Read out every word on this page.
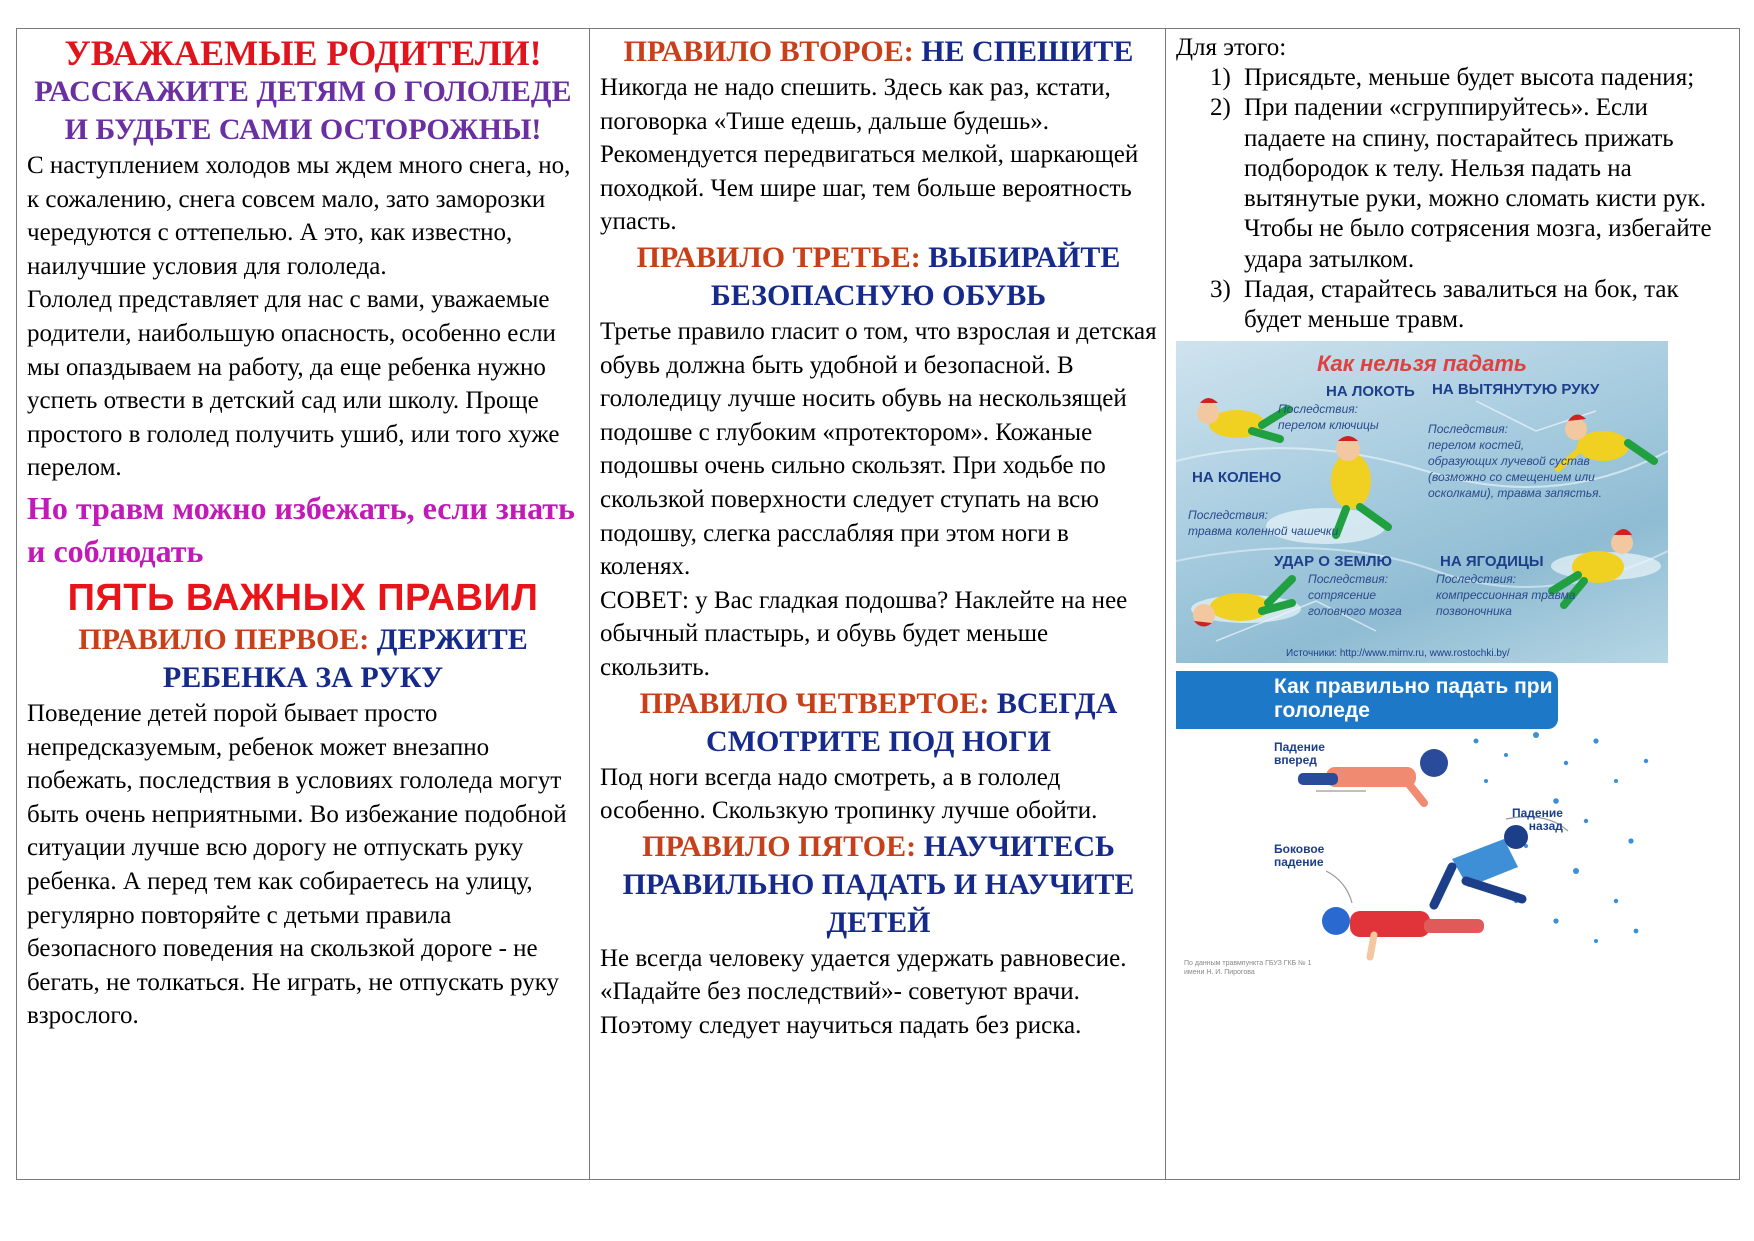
УВАЖАЕМЫЕ РОДИТЕЛИ!

РАССКАЖИТЕ ДЕТЯМ О ГОЛОЛЕДЕ И БУДЬТЕ САМИ ОСТОРОЖНЫ!

С наступлением холодов мы ждем много снега, но, к сожалению, снега совсем мало, зато заморозки чередуются с оттепелью. А это, как известно, наилучшие условия для гололеда.

Гололед представляет для нас с вами, уважаемые родители, наибольшую опасность, особенно если мы опаздываем на работу, да еще ребенка нужно успеть отвести в детский сад или школу. Проще простого в гололед получить ушиб, или того хуже перелом.

Но травм можно избежать, если знать и соблюдать

ПЯТЬ ВАЖНЫХ ПРАВИЛ

ПРАВИЛО ПЕРВОЕ: ДЕРЖИТЕ РЕБЕНКА ЗА РУКУ

Поведение детей порой бывает просто непредсказуемым, ребенок может внезапно побежать, последствия в условиях гололеда могут быть очень неприятными. Во избежание подобной ситуации лучше всю дорогу не отпускать руку ребенка. А перед тем как собираетесь на улицу, регулярно повторяйте с детьми правила безопасного поведения на скользкой дороге - не бегать, не толкаться. Не играть, не отпускать руку взрослого.

ПРАВИЛО ВТОРОЕ: НЕ СПЕШИТЕ

Никогда не надо спешить. Здесь как раз, кстати, поговорка «Тише едешь, дальше будешь». Рекомендуется передвигаться мелкой, шаркающей походкой. Чем шире шаг, тем больше вероятность упасть.

ПРАВИЛО ТРЕТЬЕ: ВЫБИРАЙТЕ БЕЗОПАСНУЮ ОБУВЬ

Третье правило гласит о том, что взрослая и детская обувь должна быть удобной и безопасной. В гололедицу лучше носить обувь на нескользящей подошве с глубоким «протектором». Кожаные подошвы очень сильно скользят. При ходьбе по скользкой поверхности следует ступать на всю подошву, слегка расслабляя при этом ноги в коленях.

СОВЕТ: у Вас гладкая подошва? Наклейте на нее обычный пластырь, и обувь будет меньше скользить.

ПРАВИЛО ЧЕТВЕРТОЕ: ВСЕГДА СМОТРИТЕ ПОД НОГИ

Под ноги всегда надо смотреть, а в гололед особенно. Скользкую тропинку лучше обойти.

ПРАВИЛО ПЯТОЕ: НАУЧИТЕСЬ ПРАВИЛЬНО ПАДАТЬ И НАУЧИТЕ ДЕТЕЙ

Не всегда человеку удается удержать равновесие. «Падайте без последствий»- советуют врачи. Поэтому следует научиться падать без риска.

Для этого:

1) Присядьте, меньше будет высота падения;
2) При падении «сгруппируйтесь». Если падаете на спину, постарайтесь прижать подбородок к телу. Нельзя падать на вытянутые руки, можно сломать кисти рук. Чтобы не было сотрясения мозга, избегайте удара затылком.
3) Падая, старайтесь завалиться на бок, так будет меньше травм.
Как нельзя падать
НА ЛОКОТЬ
Последствия:
перелом ключицы
НА ВЫТЯНУТУЮ РУКУ
Последствия:
перелом костей,
образующих лучевой сустав
(возможно со смещением или
осколками), травма запястья.
НА КОЛЕНО
Последствия:
травма коленной чашечки
УДАР О ЗЕМЛЮ
Последствия:
сотрясение
головного мозга
НА ЯГОДИЦЫ
Последствия:
компрессионная травма
позвоночника
Источники: http://www.mirnv.ru, www.rostochki.by/
Как правильно падать при гололеде
Падение
вперед
Падение
назад
Боковое
падение
По данным травмпункта ГБУЗ ГКБ № 1
имени Н. И. Пирогова
